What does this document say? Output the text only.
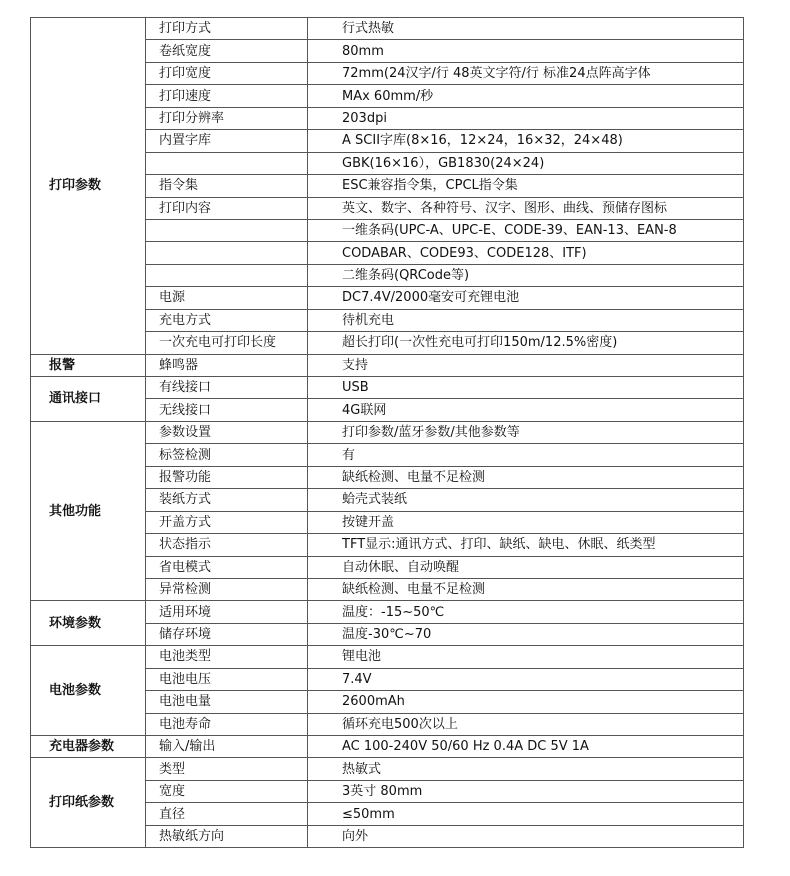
打印参数	打印方式	行式热敏
	卷纸宽度	80mm
	打印宽度	72mm(24汉字/行 48英文字符/行 标准24点阵高字体
	打印速度	MAx 60mm/秒
	打印分辨率	203dpi
	内置字库	A SCII字库(8×16，12×24，16×32，24×48)
		GBK(16×16），GB1830(24×24)
	指令集	ESC兼容指令集，CPCL指令集
	打印内容	英文、数字、各种符号、汉字、图形、曲线、预储存图标
		一维条码(UPC-A、UPC-E、CODE-39、EAN-13、EAN-8
		CODABAR、CODE93、CODE128、ITF)
		二维条码(QRCode等)
	电源	DC7.4V/2000毫安可充锂电池
	充电方式	待机充电
	一次充电可打印长度	超长打印(一次性充电可打印150m/12.5%密度)
报警	蜂鸣器	支持
通讯接口	有线接口	USB
	无线接口	4G联网
其他功能	参数设置	打印参数/蓝牙参数/其他参数等
	标签检测	有
	报警功能	缺纸检测、电量不足检测
	装纸方式	蛤壳式装纸
	开盖方式	按键开盖
	状态指示	TFT显示:通讯方式、打印、缺纸、缺电、休眠、纸类型
	省电模式	自动休眠、自动唤醒
	异常检测	缺纸检测、电量不足检测
环境参数	适用环境	温度：-15~50℃
	储存环境	温度-30℃~70
电池参数	电池类型	锂电池
	电池电压	7.4V
	电池电量	2600mAh
	电池寿命	循环充电500次以上
充电器参数	输入/输出	AC 100-240V 50/60 Hz 0.4A DC 5V 1A
打印纸参数	类型	热敏式
	宽度	3英寸 80mm
	直径	≤50mm
	热敏纸方向	向外
